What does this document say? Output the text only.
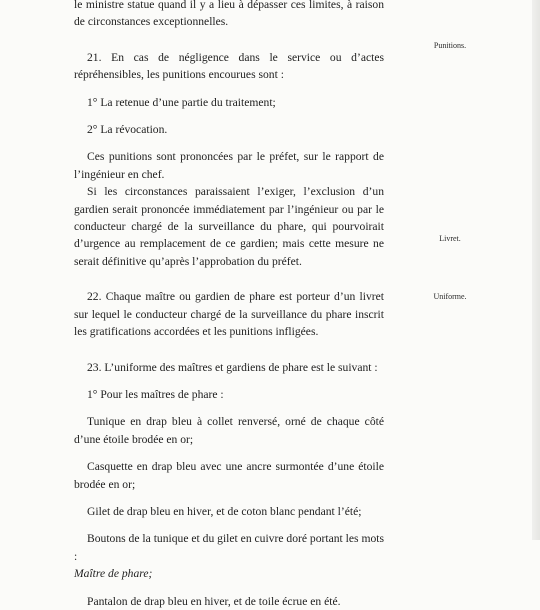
le ministre statue quand il y a lieu à dépasser ces limites, à raison de circonstances exceptionnelles.

21. En cas de négligence dans le service ou d’actes répréhensibles, les punitions encourues sont :

1° La retenue d’une partie du traitement;

2° La révocation.

Ces punitions sont prononcées par le préfet, sur le rapport de l’ingénieur en chef.

Si les circonstances paraissaient l’exiger, l’exclusion d’un gardien serait prononcée immédiatement par l’ingénieur ou par le conducteur chargé de la surveillance du phare, qui pourvoirait d’urgence au remplacement de ce gardien; mais cette mesure ne serait définitive qu’après l’approbation du préfet.

22. Chaque maître ou gardien de phare est porteur d’un livret sur lequel le conducteur chargé de la surveillance du phare inscrit les gratifications accordées et les punitions infligées.

23. L’uniforme des maîtres et gardiens de phare est le suivant :

1° Pour les maîtres de phare :

Tunique en drap bleu à collet renversé, orné de chaque côté d’une étoile brodée en or;

Casquette en drap bleu avec une ancre surmontée d’une étoile brodée en or;

Gilet de drap bleu en hiver, et de coton blanc pendant l’été;

Boutons de la tunique et du gilet en cuivre doré portant les mots :
Maître de phare;

Pantalon de drap bleu en hiver, et de toile écrue en été.

Punitions.
Livret.
Uniforme.
